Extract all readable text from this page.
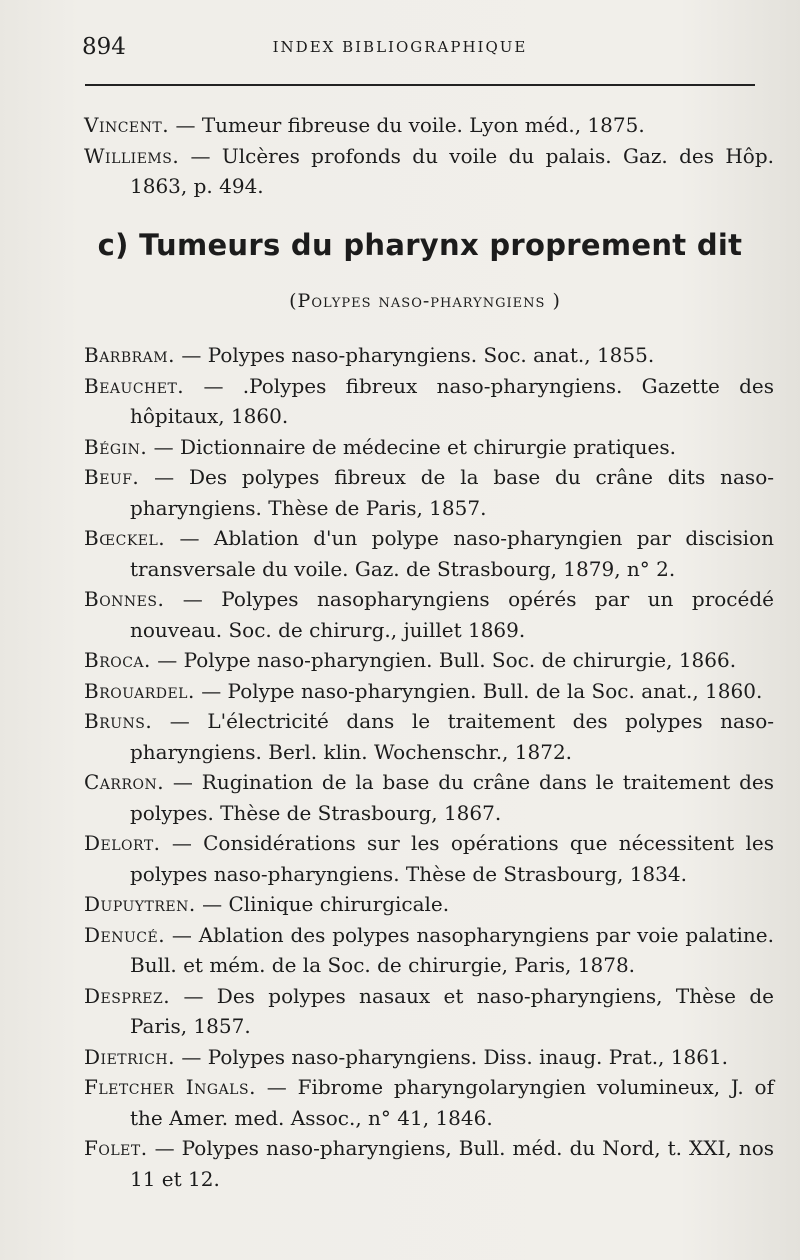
894	INDEX BIBLIOGRAPHIQUE
Vincent. — Tumeur fibreuse du voile. Lyon méd., 1875.
Williems. — Ulcères profonds du voile du palais. Gaz. des Hôp. 1863, p. 494.
c) Tumeurs du pharynx proprement dit
(Polypes naso-pharyngiens )
Barbram. — Polypes naso-pharyngiens. Soc. anat., 1855.
Beauchet. — .Polypes fibreux naso-pharyngiens. Gazette des hôpitaux, 1860.
Bégin. — Dictionnaire de médecine et chirurgie pratiques.
Beuf. — Des polypes fibreux de la base du crâne dits naso-pharyngiens. Thèse de Paris, 1857.
Bœckel. — Ablation d'un polype naso-pharyngien par discision transversale du voile. Gaz. de Strasbourg, 1879, n° 2.
Bonnes. — Polypes nasopharyngiens opérés par un procédé nouveau. Soc. de chirurg., juillet 1869.
Broca. — Polype naso-pharyngien. Bull. Soc. de chirurgie, 1866.
Brouardel. — Polype naso-pharyngien. Bull. de la Soc. anat., 1860.
Bruns. — L'électricité dans le traitement des polypes naso-pharyngiens. Berl. klin. Wochenschr., 1872.
Carron. — Rugination de la base du crâne dans le traitement des polypes. Thèse de Strasbourg, 1867.
Delort. — Considérations sur les opérations que nécessitent les polypes naso-pharyngiens. Thèse de Strasbourg, 1834.
Dupuytren. — Clinique chirurgicale.
Denucé. — Ablation des polypes nasopharyngiens par voie palatine. Bull. et mém. de la Soc. de chirurgie, Paris, 1878.
Desprez. — Des polypes nasaux et naso-pharyngiens, Thèse de Paris, 1857.
Dietrich. — Polypes naso-pharyngiens. Diss. inaug. Prat., 1861.
Fletcher Ingals. — Fibrome pharyngolaryngien volumineux, J. of the Amer. med. Assoc., n° 41, 1846.
Folet. — Polypes naso-pharyngiens, Bull. méd. du Nord, t. XXI, nos 11 et 12.
